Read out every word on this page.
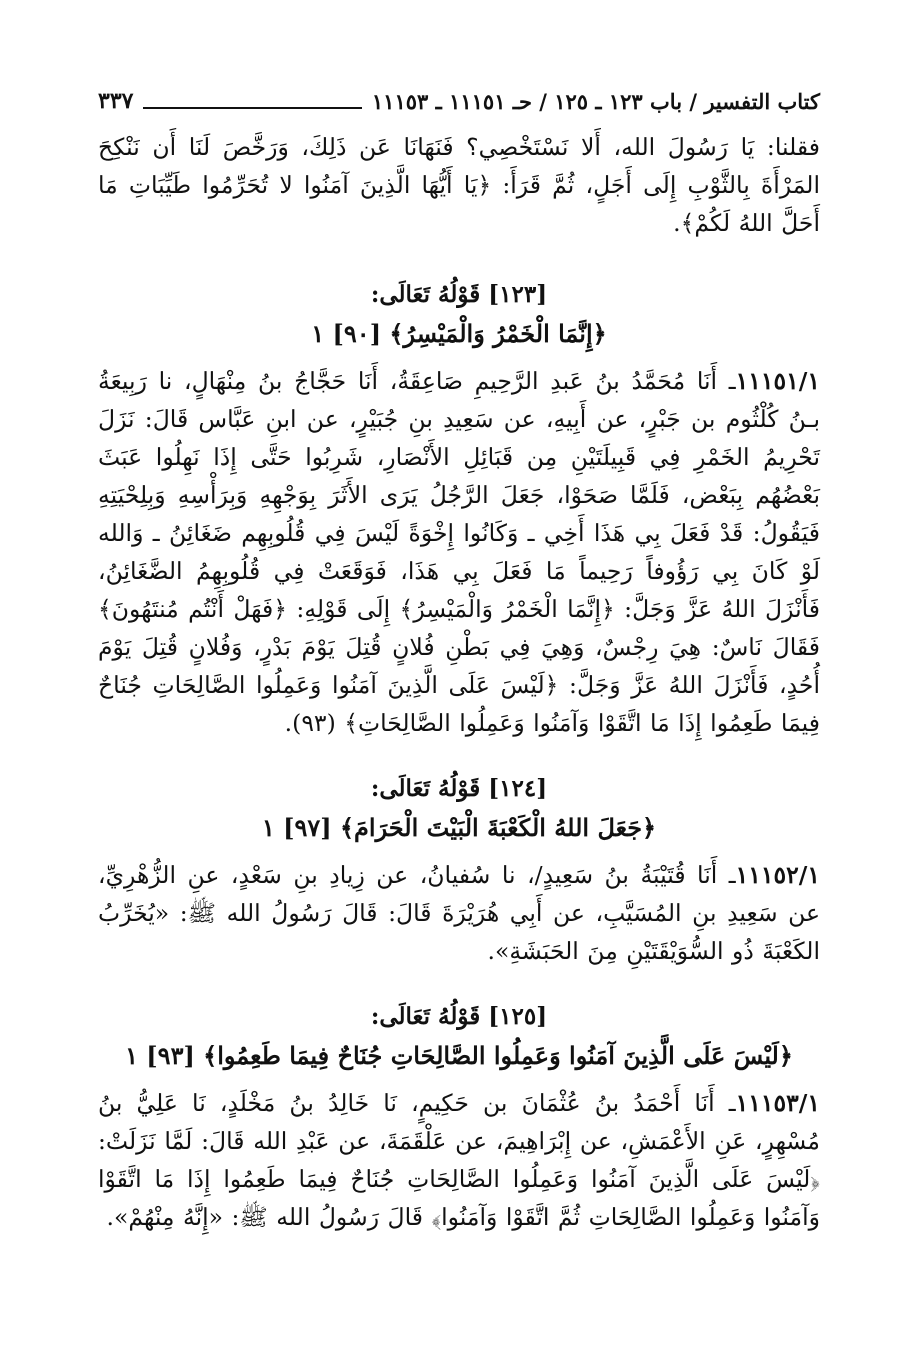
كتاب التفسير / باب ١٢٣ ـ ١٢٥ / حـ ١١١٥١ ـ ١١١٥٣
٣٣٧

فقلنا: يَا رَسُولَ الله، أَلا نَسْتَخْصِي؟ فَنَهَانَا عَن ذَلِكَ، وَرَخَّصَ لَنَا أَن نَنْكِحَ المَرْأَةَ بِالثَّوْبِ إِلَى أَجَلٍ، ثُمَّ قَرَأَ: ﴿يَا أَيُّهَا الَّذِينَ آمَنُوا لا تُحَرِّمُوا طَيِّبَاتِ مَا أَحَلَّ اللهُ لَكُمْ﴾.

[١٢٣] قَوْلُهُ تَعَالَى:

﴿إِنَّمَا الْخَمْرُ وَالْمَيْسِرُ﴾ [٩٠] ١

١١١٥١/١ـ أَنَا مُحَمَّدُ بنُ عَبدِ الرَّحِيمِ صَاعِقَةُ، أَنَا حَجَّاجُ بنُ مِنْهَالٍ، نا رَبِيعَةُ بـنُ كُلْثُوم بن جَبْرٍ، عن أَبِيهِ، عن سَعِيدِ بنِ جُبَيْرٍ، عن ابنِ عَبَّاس قَالَ: نَزَلَ تَحْرِيمُ الخَمْرِ فِي قَبِيلَتَيْنِ مِن قَبَائِلِ الأَنْصَارِ، شَرِبُوا حَتَّى إِذَا نَهِلُوا عَبَثَ بَعْضُهُم بِبَعْض، فَلَمَّا صَحَوْا، جَعَلَ الرَّجُلُ يَرَى الأَثَرَ بِوَجْهِهِ وَبِرَأْسِهِ وَبِلِحْيَتِهِ فَيَقُولُ: قَدْ فَعَلَ بِي هَذَا أَخِي ـ وَكَانُوا إِخْوَةً لَيْسَ فِي قُلُوبِهِم ضَغَائِنُ ـ وَالله لَوْ كَانَ بِي رَؤُوفاً رَحِيماً مَا فَعَلَ بِي هَذَا، فَوَقَعَتْ فِي قُلُوبِهِمُ الضَّغَائِنُ، فَأَنْزَلَ اللهُ عَزَّ وَجَلَّ: ﴿إِنَّمَا الْخَمْرُ وَالْمَيْسِرُ﴾ إِلَى قَوْلِهِ: ﴿فَهَلْ أَنْتُم مُنتَهُونَ﴾ فَقَالَ نَاسٌ: هِيَ رِجْسٌ، وَهِيَ فِي بَطْنِ فُلانٍ قُتِلَ يَوْمَ بَدْرٍ، وَفُلانٍ قُتِلَ يَوْمَ أُحُدٍ، فَأَنْزَلَ اللهُ عَزَّ وَجَلَّ: ﴿لَيْسَ عَلَى الَّذِينَ آمَنُوا وَعَمِلُوا الصَّالِحَاتِ جُنَاحٌ فِيمَا طَعِمُوا إِذَا مَا اتَّقَوْا وَآمَنُوا وَعَمِلُوا الصَّالِحَاتِ﴾ (٩٣).

[١٢٤] قَوْلُهُ تَعَالَى:

﴿جَعَلَ اللهُ الْكَعْبَةَ الْبَيْتَ الْحَرَامَ﴾ [٩٧] ١

١١١٥٢/١ـ أَنَا قُتَيْبَةُ بنُ سَعِيدٍ/، نا سُفيانُ، عن زِيادِ بنِ سَعْدٍ، عنِ الزُّهْرِيِّ، عن سَعِيدِ بنِ المُسَيَّبِ، عن أَبِي هُرَيْرَةَ قَالَ: قَالَ رَسُولُ الله ﷺ: «يُخَرِّبُ الكَعْبَةَ ذُو السُّوَيْقَتَيْنِ مِنَ الحَبَشَةِ».

[١٢٥] قَوْلُهُ تَعَالَى:

﴿لَيْسَ عَلَى الَّذِينَ آمَنُوا وَعَمِلُوا الصَّالِحَاتِ جُنَاحٌ فِيمَا طَعِمُوا﴾ [٩٣] ١

١١١٥٣/١ـ أَنَا أَحْمَدُ بنُ عُثْمَانَ بن حَكِيمٍ، نَا خَالِدُ بنُ مَخْلَدٍ، نَا عَلِيُّ بنُ مُسْهِرٍ، عَنِ الأَعْمَشِ، عن إِبْرَاهِيمَ، عن عَلْقَمَةَ، عن عَبْدِ الله قَالَ: لَمَّا نَزَلَتْ: ﴿لَيْسَ عَلَى الَّذِينَ آمَنُوا وَعَمِلُوا الصَّالِحَاتِ جُنَاحٌ فِيمَا طَعِمُوا إِذَا مَا اتَّقَوْا وَآمَنُوا وَعَمِلُوا الصَّالِحَاتِ ثُمَّ اتَّقَوْا وَآمَنُوا﴾ قَالَ رَسُولُ الله ﷺ: «إِنَّهُ مِنْهُمْ».
